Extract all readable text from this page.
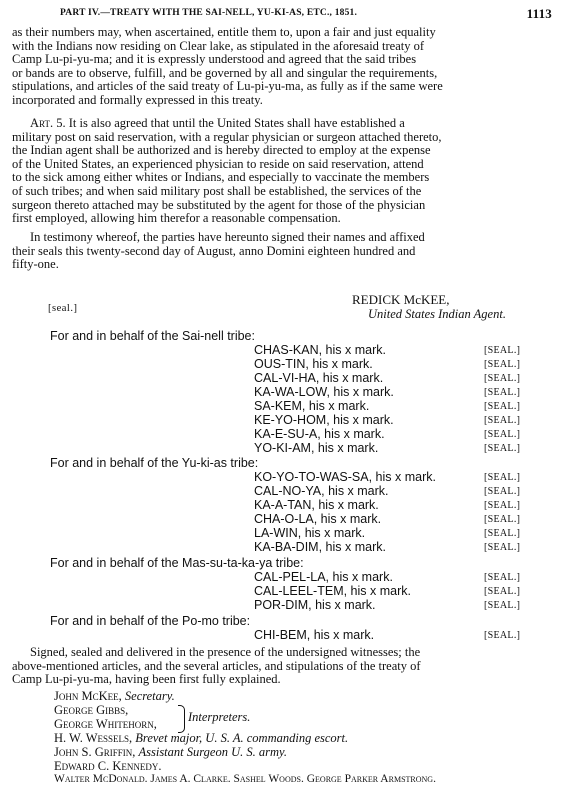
PART IV.—TREATY WITH THE SAI-NELL, YU-KI-AS, ETC., 1851.	1113
as their numbers may, when ascertained, entitle them to, upon a fair and just equality
with the Indians now residing on Clear lake, as stipulated in the aforesaid treaty of
Camp Lu-pi-yu-ma; and it is expressly understood and agreed that the said tribes
or bands are to observe, fulfill, and be governed by all and singular the requirements,
stipulations, and articles of the said treaty of Lu-pi-yu-ma, as fully as if the same were
incorporated and formally expressed in this treaty.
Art. 5. It is also agreed that until the United States shall have established a
military post on said reservation, with a regular physician or surgeon attached thereto,
the Indian agent shall be authorized and is hereby directed to employ at the expense
of the United States, an experienced physician to reside on said reservation, attend
to the sick among either whites or Indians, and especially to vaccinate the members
of such tribes; and when said military post shall be established, the services of the
surgeon thereto attached may be substituted by the agent for those of the physician
first employed, allowing him therefor a reasonable compensation.
In testimony whereof, the parties have hereunto signed their names and affixed
their seals this twenty-second day of August, anno Domini eighteen hundred and
fifty-one.
REDICK McKEE,
[seal.]	United States Indian Agent.
For and in behalf of the Sai-nell tribe:
CHAS-KAN, his x mark.	[SEAL.]
OUS-TIN, his x mark.	[SEAL.]
CAL-VI-HA, his x mark.	[SEAL.]
KA-WA-LOW, his x mark.	[SEAL.]
SA-KEM, his x mark.	[SEAL.]
KE-YO-HOM, his x mark.	[SEAL.]
KA-E-SU-A, his x mark.	[SEAL.]
YO-KI-AM, his x mark.	[SEAL.]
For and in behalf of the Yu-ki-as tribe:
KO-YO-TO-WAS-SA, his x mark.	[SEAL.]
CAL-NO-YA, his x mark.	[SEAL.]
KA-A-TAN, his x mark.	[SEAL.]
CHA-O-LA, his x mark.	[SEAL.]
LA-WIN, his x mark.	[SEAL.]
KA-BA-DIM, his x mark.	[SEAL.]
For and in behalf of the Mas-su-ta-ka-ya tribe:
CAL-PEL-LA, his x mark.	[SEAL.]
CAL-LEEL-TEM, his x mark.	[SEAL.]
POR-DIM, his x mark.	[SEAL.]
For and in behalf of the Po-mo tribe:
CHI-BEM, his x mark.	[SEAL.]
Signed, sealed and delivered in the presence of the undersigned witnesses; the
above-mentioned articles, and the several articles, and stipulations of the treaty of
Camp Lu-pi-yu-ma, having been first fully explained.
John McKee, Secretary.
George Gibbs,
George Whitehorn, Interpreters.
H. W. Wessels, Brevet major, U. S. A. commanding escort.
John S. Griffin, Assistant Surgeon U. S. army.
Edward C. Kennedy.
Walter McDonald. James A. Clarke. Sashel Woods. George Parker Armstrong.
